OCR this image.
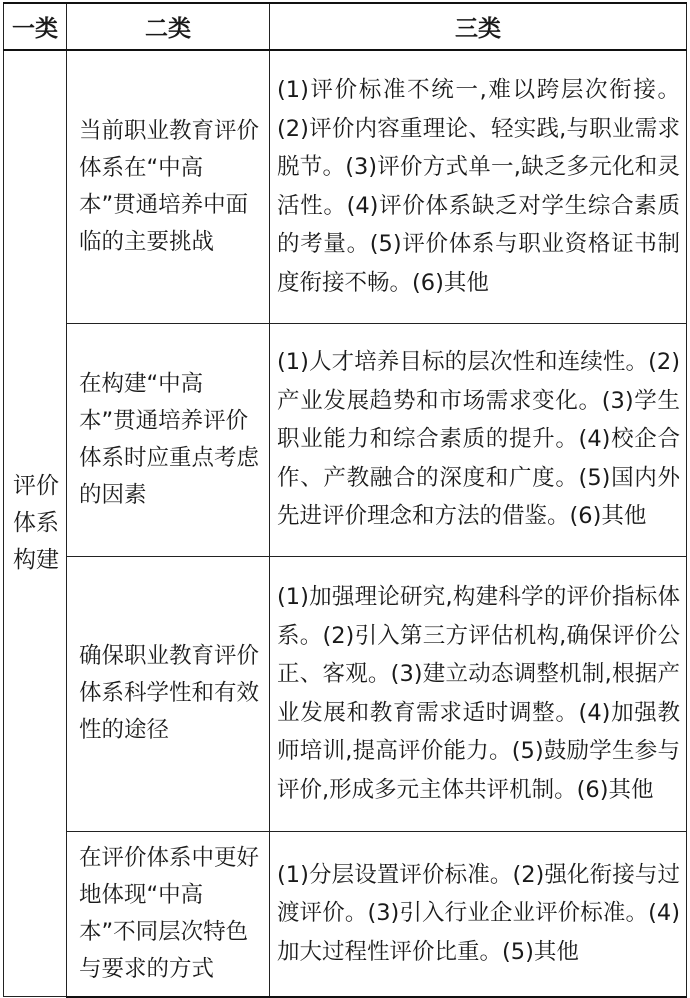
一类	二类	三类
评价体系构建	当前职业教育评价体系在“中高本”贯通培养中面临的主要挑战	(1)评价标准不统一,难以跨层次衔接。(2)评价内容重理论、轻实践,与职业需求脱节。(3)评价方式单一,缺乏多元化和灵活性。(4)评价体系缺乏对学生综合素质的考量。(5)评价体系与职业资格证书制度衔接不畅。(6)其他
	在构建“中高本”贯通培养评价体系时应重点考虑的因素	(1)人才培养目标的层次性和连续性。(2)产业发展趋势和市场需求变化。(3)学生职业能力和综合素质的提升。(4)校企合作、产教融合的深度和广度。(5)国内外先进评价理念和方法的借鉴。(6)其他
	确保职业教育评价体系科学性和有效性的途径	(1)加强理论研究,构建科学的评价指标体系。(2)引入第三方评估机构,确保评价公正、客观。(3)建立动态调整机制,根据产业发展和教育需求适时调整。(4)加强教师培训,提高评价能力。(5)鼓励学生参与评价,形成多元主体共评机制。(6)其他
	在评价体系中更好地体现“中高本”不同层次特色与要求的方式	(1)分层设置评价标准。(2)强化衔接与过渡评价。(3)引入行业企业评价标准。(4)加大过程性评价比重。(5)其他
